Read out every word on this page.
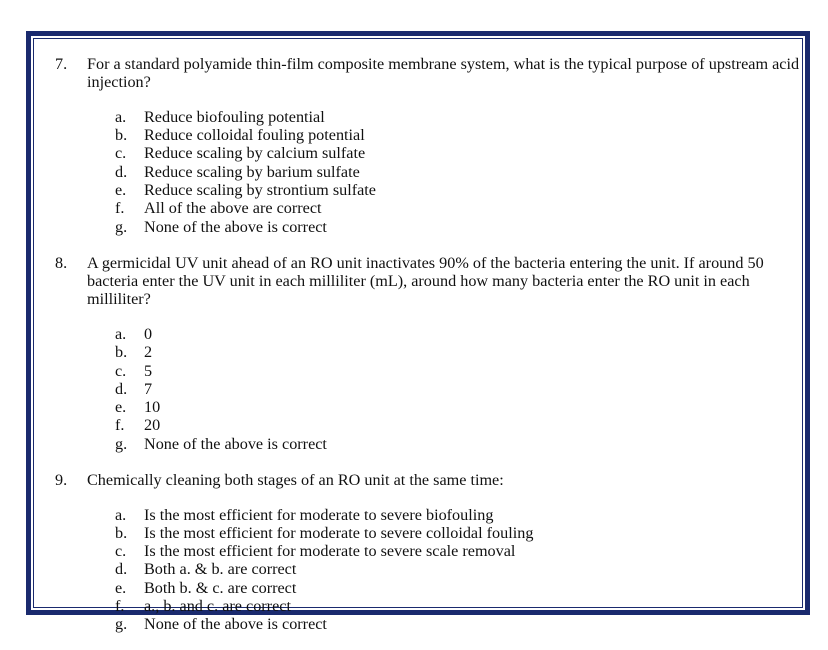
7.	For a standard polyamide thin-film composite membrane system, what is the typical purpose of upstream acid injection?
a.	Reduce biofouling potential
b.	Reduce colloidal fouling potential
c.	Reduce scaling by calcium sulfate
d.	Reduce scaling by barium sulfate
e.	Reduce scaling by strontium sulfate
f.	All of the above are correct
g.	None of the above is correct
8.	A germicidal UV unit ahead of an RO unit inactivates 90% of the bacteria entering the unit. If around 50 bacteria enter the UV unit in each milliliter (mL), around how many bacteria enter the RO unit in each milliliter?
a.	0
b.	2
c.	5
d.	7
e.	10
f.	20
g.	None of the above is correct
9.	Chemically cleaning both stages of an RO unit at the same time:
a.	Is the most efficient for moderate to severe biofouling
b.	Is the most efficient for moderate to severe colloidal fouling
c.	Is the most efficient for moderate to severe scale removal
d.	Both a. & b. are correct
e.	Both b. & c. are correct
f.	a., b. and c. are correct
g.	None of the above is correct
